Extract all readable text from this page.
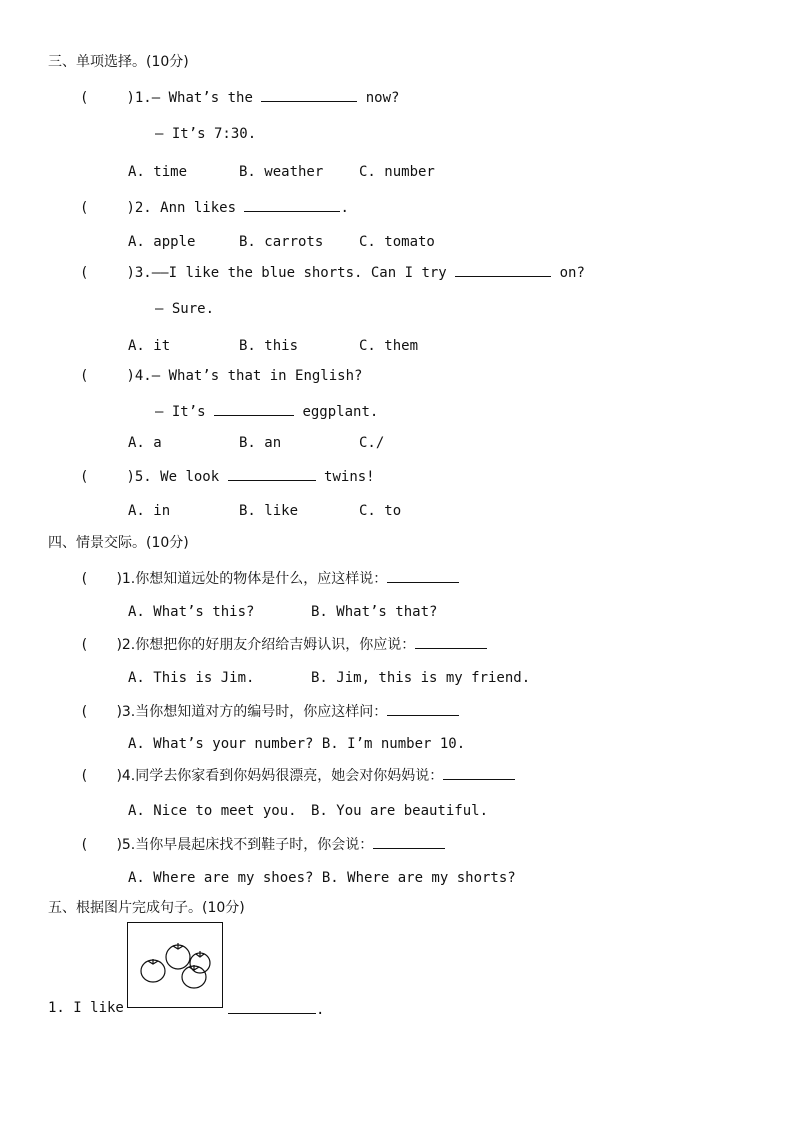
三、单项选择。(10分)
(	)1.— What’s the	now?
— It’s 7:30.
A. time	B. weather	C. number
(	)2. Ann likes	.
A. apple	B. carrots	C. tomato
(	)3.——I like the blue shorts. Can I try	on?
— Sure.
A. it	B. this	C. them
(	)4.— What’s that in English?
— It’s	eggplant.
A. a	B. an	C./
(	)5. We look	twins!
A. in	B. like	C. to
四、情景交际。(10分)
( )1.你想知道远处的物体是什么，应这样说：
A. What’s this?	B. What’s that?
( )2.你想把你的好朋友介绍给吉姆认识，你应说：
A. This is Jim.	B. Jim, this is my friend.
( )3.当你想知道对方的编号时，你应这样问：
A. What’s your number? B. I’m number 10.
( )4.同学去你家看到你妈妈很漂亮，她会对你妈妈说：
A. Nice to meet you. B. You are beautiful.
( )5.当你早晨起床找不到鞋子时，你会说：
A. Where are my shoes? B. Where are my shorts?
五、根据图片完成句子。(10分)
1. I like	.
